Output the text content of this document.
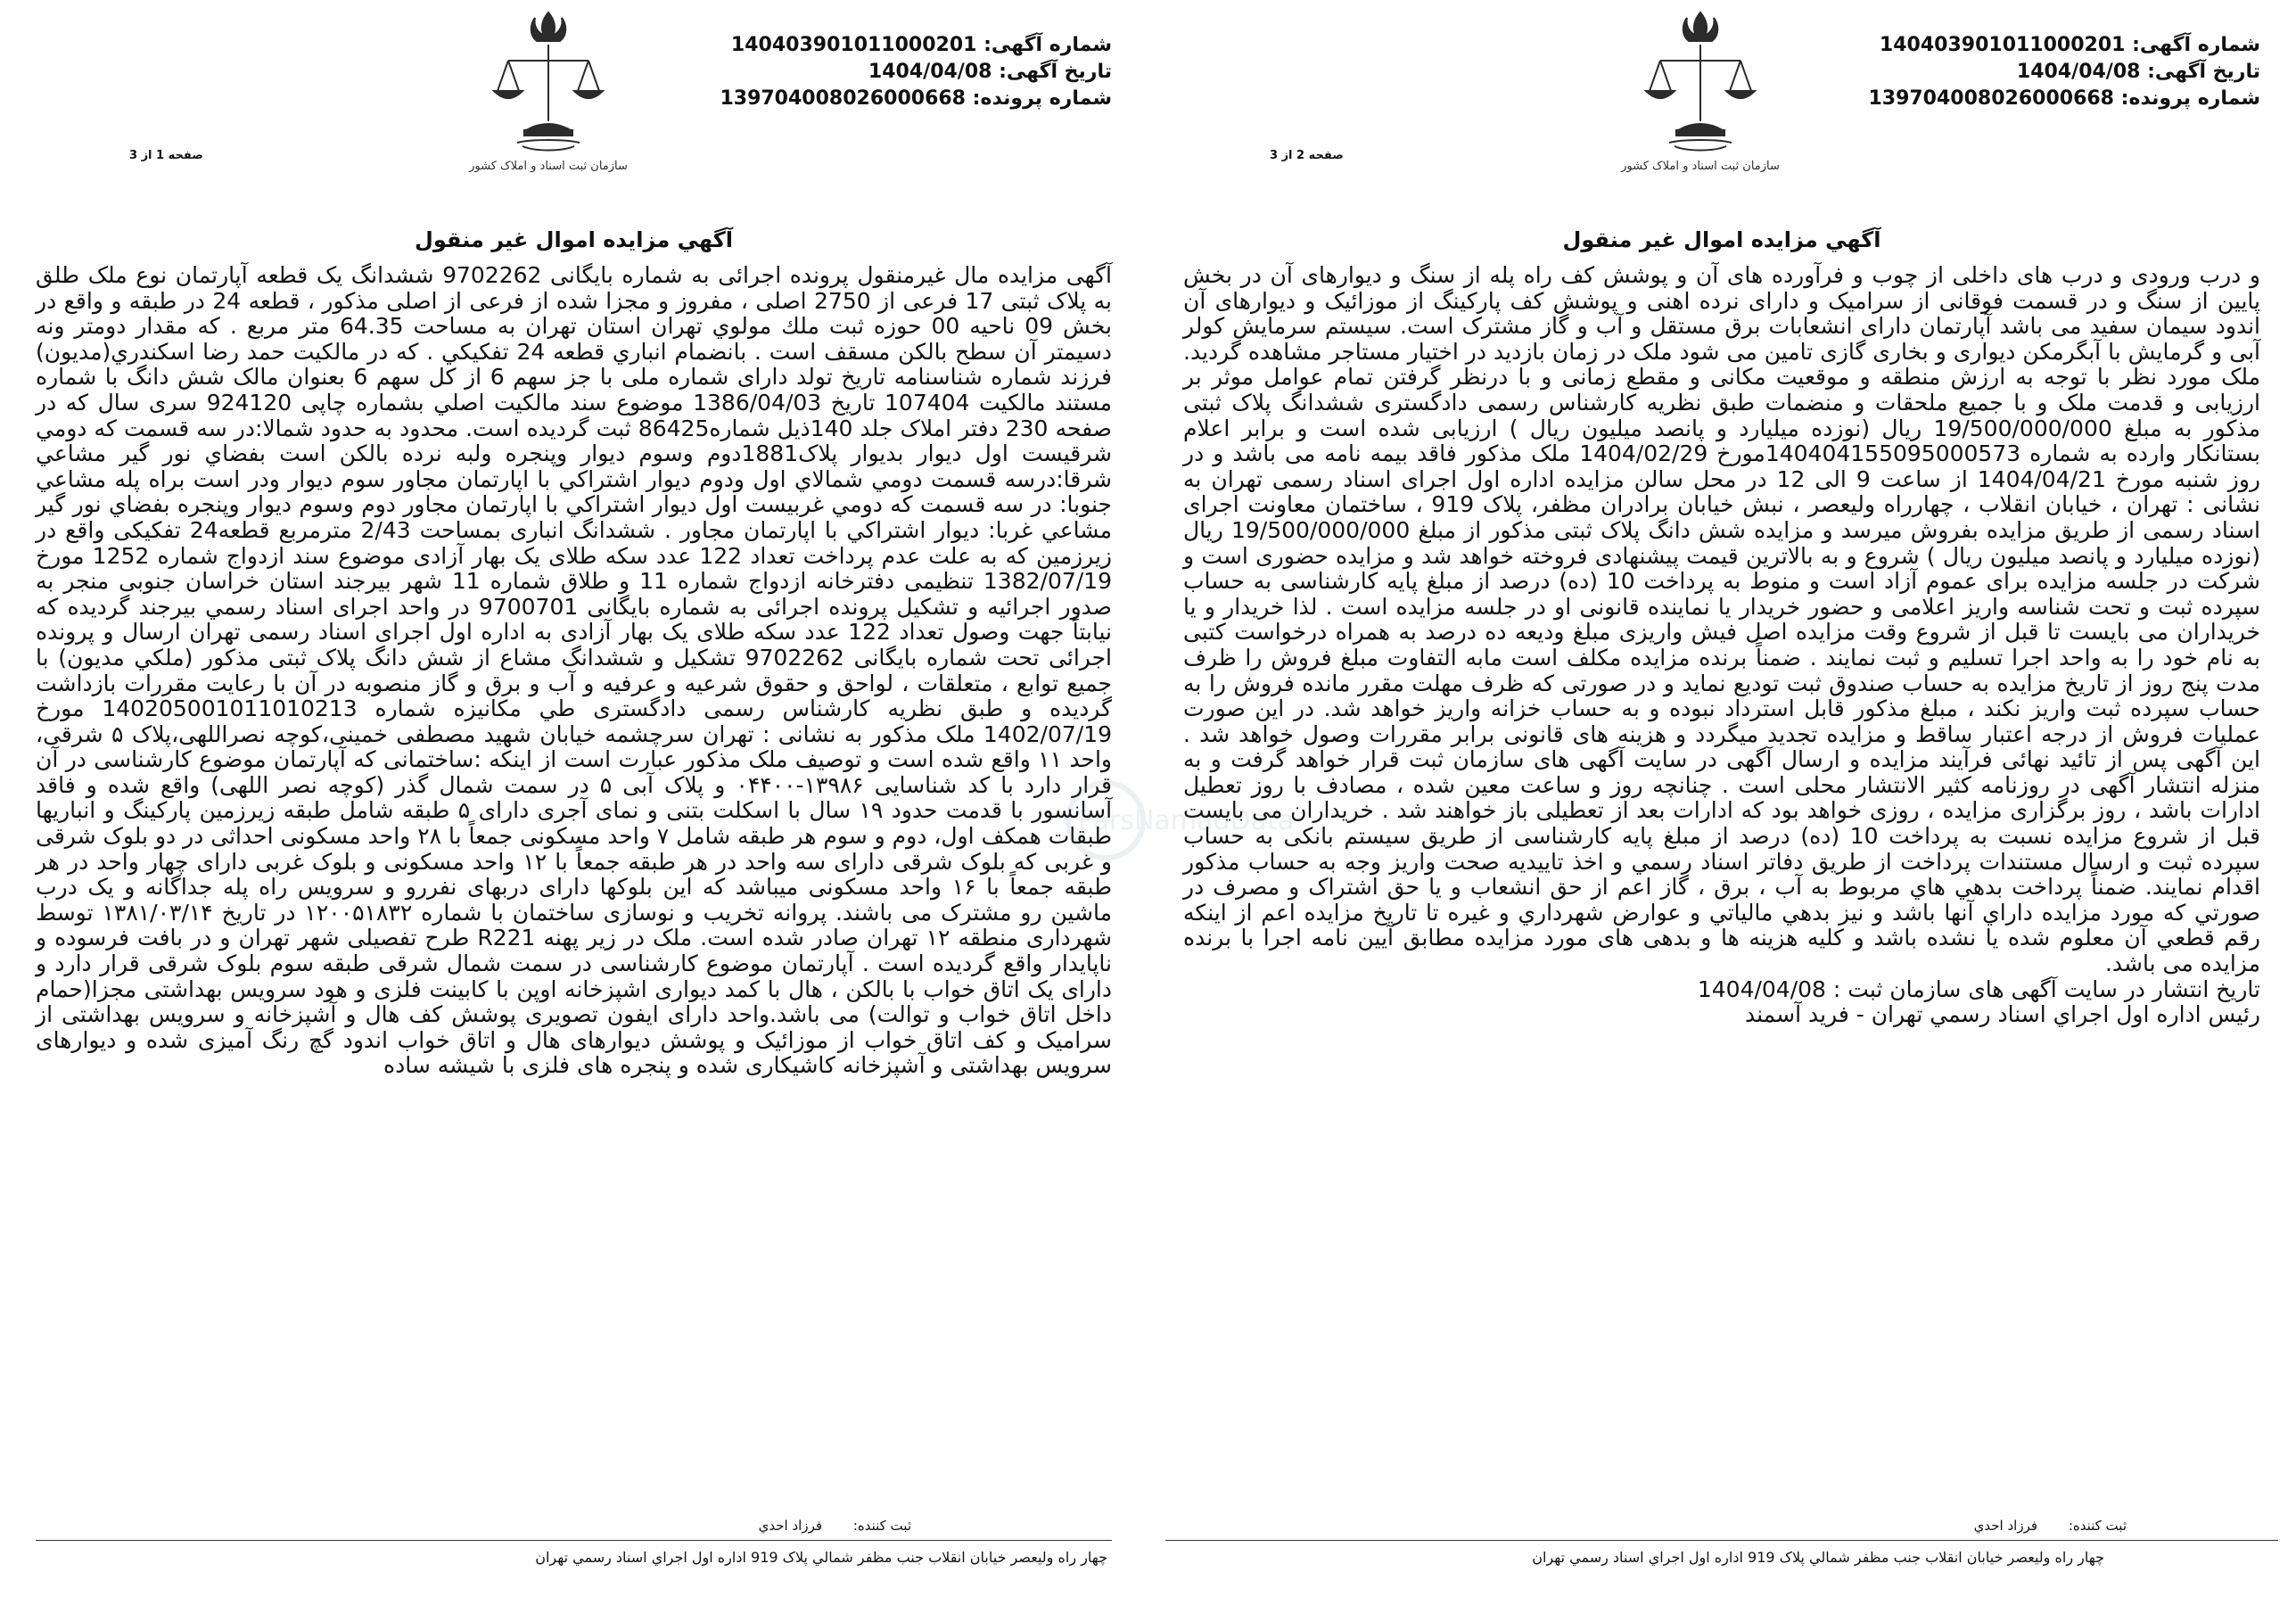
شماره آگهی: 140403901011000201
تاریخ آگهی: 1404/04/08
شماره پرونده: 139704008026000668
سازمان ثبت اسناد و املاک کشور
صفحه 1 از 3
آگهي مزايده اموال غير منقول
آگهی مزایده مال غیرمنقول پرونده اجرائی به شماره بایگانی 9702262 ششدانگ یک قطعه آپارتمان نوع ملک طلق به پلاک ثبتی 17 فرعی از 2750 اصلی ، مفروز و مجزا شده از فرعی از اصلی مذکور ، قطعه 24 در طبقه و واقع در بخش 09 ناحیه 00 حوزه ثبت ملك مولوي تهران استان تهران به مساحت 64.35 متر مربع . که مقدار دومتر ونه دسیمتر آن سطح بالکن مسقف است . بانضمام انباري قطعه 24 تفکيکي . که در مالکیت حمد رضا اسكندري(مديون) فرزند شماره شناسنامه تاریخ تولد دارای شماره ملی با جز سهم 6 از کل سهم 6 بعنوان مالک شش دانگ با شماره مستند مالکیت 107404 تاریخ 1386/04/03 موضوع سند مالکیت اصلي بشماره چاپی 924120 سری سال که در صفحه 230 دفتر املاک جلد 140ذيل شماره86425 ثبت گردیده است. محدود به حدود شمالا:در سه قسمت که دومي شرقيست اول ديوار بديوار پلاک1881دوم وسوم ديوار وپنجره ولبه نرده بالكن است بفضاي نور گير مشاعي شرقا:درسه قسمت دومي شمالاي اول ودوم ديوار اشتراكي با اپارتمان مجاور سوم ديوار ودر است براه پله مشاعي جنوبا: در سه قسمت كه دومي غربيست اول ديوار اشتراكي با اپارتمان مجاور دوم وسوم ديوار وپنجره بفضاي نور گير مشاعي غربا: ديوار اشتراكي با اپارتمان مجاور . ششدانگ انباری بمساحت 2/43 مترمربع قطعه24 تفکیکی واقع در زیرزمین که به علت عدم پرداخت تعداد 122 عدد سکه طلای یک بهار آزادی موضوع سند ازدواج شماره 1252 مورخ 1382/07/19 تنظیمی دفترخانه ازدواج شماره 11 و طلاق شماره 11 شهر بیرجند استان خراسان جنوبی منجر به صدور اجرائیه و تشکیل پرونده اجرائی به شماره بایگانی 9700701 در واحد اجرای اسناد رسمي بيرجند گرديده كه نيابتاً جهت وصول تعداد 122 عدد سکه طلای یک بهار آزادی به اداره اول اجرای اسناد رسمی تهران ارسال و پرونده اجرائی تحت شماره بایگانی 9702262 تشكيل و ششدانگ مشاع از شش دانگ پلاک ثبتی مذكور (ملكي مديون) با جميع توابع ، متعلقات ، لواحق و حقوق شرعيه و عرفيه و آب و برق و گاز منصوبه در آن با رعايت مقررات بازداشت گرديده و طبق نظريه كارشناس رسمی دادگستری طي مكانيزه شماره 140205001011010213 مورخ 1402/07/19 ملک مذکور به نشانی : تهران سرچشمه خیابان شهید مصطفی خمینی،کوچه نصراللهی،پلاک ۵ شرقی، واحد ۱۱ واقع شده است و توصيف ملک مذکور عبارت است از اینکه :ساختمانی که آپارتمان موضوع کارشناسی در آن قرار دارد با کد شناسایی ۱۳۹۸۶-۰۴۴۰۰ و پلاک آبی ۵ در سمت شمال گذر (کوچه نصر اللهی) واقع شده و فاقد آسانسور با قدمت حدود ۱۹ سال با اسکلت بتنی و نمای آجری دارای ۵ طبقه شامل طبقه زیرزمین پارکینگ و انباریها طبقات همکف اول، دوم و سوم هر طبقه شامل ۷ واحد مسکونی جمعاً با ۲۸ واحد مسکونی احداثی در دو بلوک شرقی و غربی که بلوک شرقی دارای سه واحد در هر طبقه جمعاً با ۱۲ واحد مسکونی و بلوک غربی دارای چهار واحد در هر طبقه جمعاً با ۱۶ واحد مسکونی میباشد که این بلوکها دارای دربهای نفررو و سرویس راه پله جداگانه و یک درب ماشین رو مشترک می باشند. پروانه تخریب و نوسازی ساختمان با شماره ۱۲۰۰۵۱۸۳۲ در تاریخ ۱۳۸۱/۰۳/۱۴ توسط شهرداری منطقه ۱۲ تهران صادر شده است. ملک در زیر پهنه R221 طرح تفصیلی شهر تهران و در بافت فرسوده و ناپایدار واقع گردیده است . آپارتمان موضوع کارشناسی در سمت شمال شرقی طبقه سوم بلوک شرقی قرار دارد و دارای یک اتاق خواب با بالکن ، هال با کمد دیواری اشپزخانه اوپن با کابینت فلزی و هود سرویس بهداشتی مجزا(حمام داخل اتاق خواب و توالت) می باشد.واحد دارای ایفون تصویری پوشش کف هال و آشپزخانه و سرویس بهداشتی از سرامیک و کف اتاق خواب از موزائیک و پوشش دیوارهای هال و اتاق خواب اندود گچ رنگ آمیزی شده و دیوارهای سرویس بهداشتی و آشپزخانه کاشیکاری شده و پنجره های فلزی با شیشه ساده
ثبت کننده: فرزاد احدي
چهار راه وليعصر خيابان انقلاب جنب مظفر شمالي پلاک 919 اداره اول اجراي اسناد رسمي تهران
شماره آگهی: 140403901011000201
تاریخ آگهی: 1404/04/08
شماره پرونده: 139704008026000668
سازمان ثبت اسناد و املاک کشور
صفحه 2 از 3
آگهي مزايده اموال غير منقول
و درب ورودی و درب های داخلی از چوب و فرآورده های آن و پوشش کف راه پله از سنگ و دیوارهای آن در بخش پایین از سنگ و در قسمت فوقانی از سرامیک و دارای نرده اهنی و پوشش کف پارکینگ از موزائیک و دیوارهای آن اندود سیمان سفید می باشد آپارتمان دارای انشعابات برق مستقل و آب و گاز مشترک است. سیستم سرمایش کولر آبی و گرمایش با آبگرمکن دیواری و بخاری گازی تامین می شود ملک در زمان بازدید در اختیار مستاجر مشاهده گردید. ملک مورد نظر با توجه به ارزش منطقه و موقعیت مکانی و مقطع زمانی و با درنظر گرفتن تمام عوامل موثر بر ارزیابی و قدمت ملک و با جمیع ملحقات و منضمات طبق نظریه کارشناس رسمی دادگستری ششدانگ پلاک ثبتی مذکور به مبلغ 19/500/000/000 ريال (نوزده میلیارد و پانصد میلیون ريال ) ارزيابی شده است و برابر اعلام بستانكار وارده به شماره 140404155095000573مورخ 1404/02/29 ملک مذکور فاقد بیمه نامه می باشد و در روز شنبه مورخ 1404/04/21 از ساعت 9 الی 12 در محل سالن مزایده اداره اول اجرای اسناد رسمی تهران به نشانی : تهران ، خیابان انقلاب ، چهارراه ولیعصر ، نبش خیابان برادران مظفر، پلاک 919 ، ساختمان معاونت اجرای اسناد رسمی از طریق مزایده بفروش میرسد و مزایده شش دانگ پلاک ثبتی مذكور از مبلغ 19/500/000/000 ريال (نوزده میلیارد و پانصد میلیون ريال ) شروع و به بالاترین قیمت پیشنهادی فروخته خواهد شد و مزایده حضوری است و شرکت در جلسه مزایده برای عموم آزاد است و منوط به پرداخت 10 (ده) درصد از مبلغ پایه کارشناسی به حساب سپرده ثبت و تحت شناسه واریز اعلامی و حضور خریدار یا نماینده قانونی او در جلسه مزایده است . لذا خریدار و یا خریداران می بایست تا قبل از شروع وقت مزایده اصل فیش واریزی مبلغ ودیعه ده درصد به همراه درخواست کتبی به نام خود را به واحد اجرا تسلیم و ثبت نمایند . ضمناً برنده مزایده مکلف است مابه التفاوت مبلغ فروش را ظرف مدت پنج روز از تاریخ مزایده به حساب صندوق ثبت تودیع نماید و در صورتی که ظرف مهلت مقرر مانده فروش را به حساب سپرده ثبت واریز نکند ، مبلغ مذکور قابل استرداد نبوده و به حساب خزانه واریز خواهد شد. در این صورت عملیات فروش از درجه اعتبار ساقط و مزایده تجدید میگردد و هزینه های قانونی برابر مقررات وصول خواهد شد . این آگهی پس از تائید نهائی فرآیند مزایده و ارسال آگهی در سایت آگهی های سازمان ثبت قرار خواهد گرفت و به منزله انتشار آگهی در روزنامه کثیر الانتشار محلی است . چنانچه روز و ساعت معین شده ، مصادف با روز تعطیل ادارات باشد ، روز برگزاری مزایده ، روزی خواهد بود که ادارات بعد از تعطیلی باز خواهند شد . خریداران می بایست قبل از شروع مزایده نسبت به پرداخت 10 (ده) درصد از مبلغ پایه کارشناسی از طریق سیستم بانکی به حساب سپرده ثبت و ارسال مستندات پرداخت از طریق دفاتر اسناد رسمي و اخذ تاییدیه صحت واریز وجه به حساب مذکور اقدام نمایند. ضمناً پرداخت بدهي هاي مربوط به آب ، برق ، گاز اعم از حق انشعاب و يا حق اشتراک و مصرف در صورتي كه مورد مزايده داراي آنها باشد و نيز بدهي مالياتي و عوارض شهرداري و غيره تا تاريخ مزايده اعم از اينكه رقم قطعي آن معلوم شده يا نشده باشد و کلیه هزینه ها و بدهی های مورد مزایده مطابق آیین نامه اجرا با برنده مزایده می باشد.
تاريخ انتشار در سايت آگهی های سازمان ثبت : 1404/04/08
رئيس اداره اول اجراي اسناد رسمي تهران - فريد آسمند
ثبت کننده: فرزاد احدي
چهار راه وليعصر خيابان انقلاب جنب مظفر شمالي پلاک 919 اداره اول اجراي اسناد رسمي تهران
ParsNamadData
